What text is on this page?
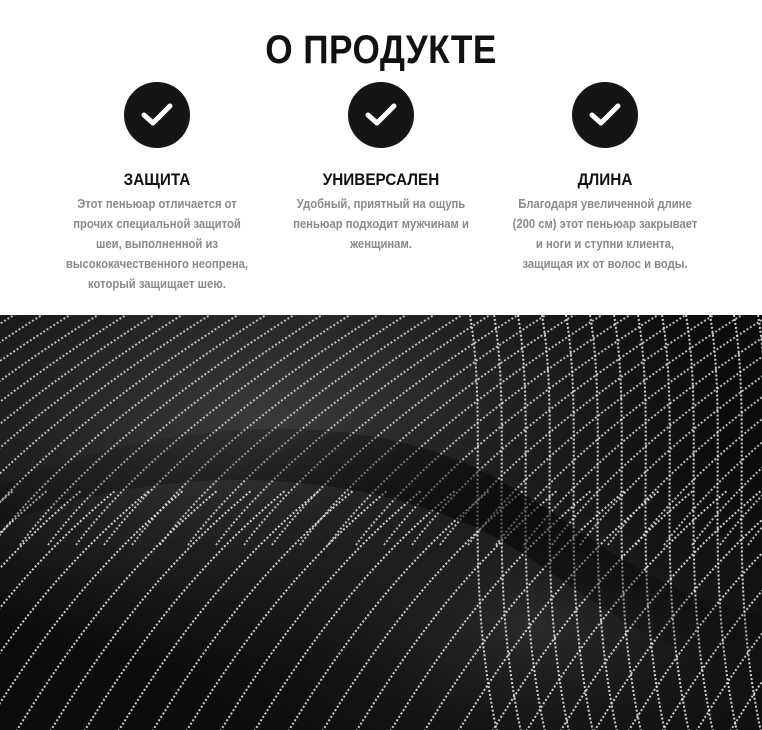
О ПРОДУКТЕ
ЗАЩИТА

Этот пеньюар отличается от прочих специальной защитой шеи, выполненной из высококачественного неопрена, который защищает шею.

УНИВЕРСАЛЕН

Удобный, приятный на ощупь пеньюар подходит мужчинам и женщинам.

ДЛИНА

Благодаря увеличенной длине (200 см) этот пеньюар закрывает и ноги и ступни клиента, защищая их от волос и воды.
